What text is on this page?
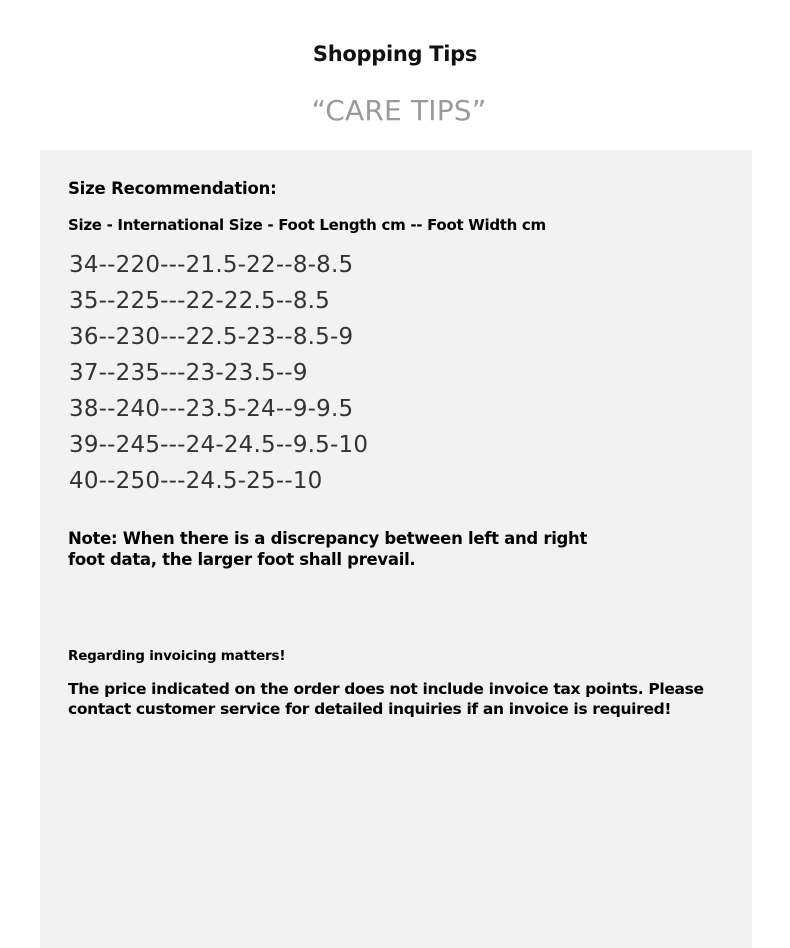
Shopping Tips
“CARE TIPS”
Size Recommendation:
Size - International Size - Foot Length cm -- Foot Width cm
34--220---21.5-22--8-8.5
35--225---22-22.5--8.5
36--230---22.5-23--8.5-9
37--235---23-23.5--9
38--240---23.5-24--9-9.5
39--245---24-24.5--9.5-10
40--250---24.5-25--10
Note: When there is a discrepancy between left and right foot data, the larger foot shall prevail.
Regarding invoicing matters!
The price indicated on the order does not include invoice tax points. Please contact customer service for detailed inquiries if an invoice is required!
